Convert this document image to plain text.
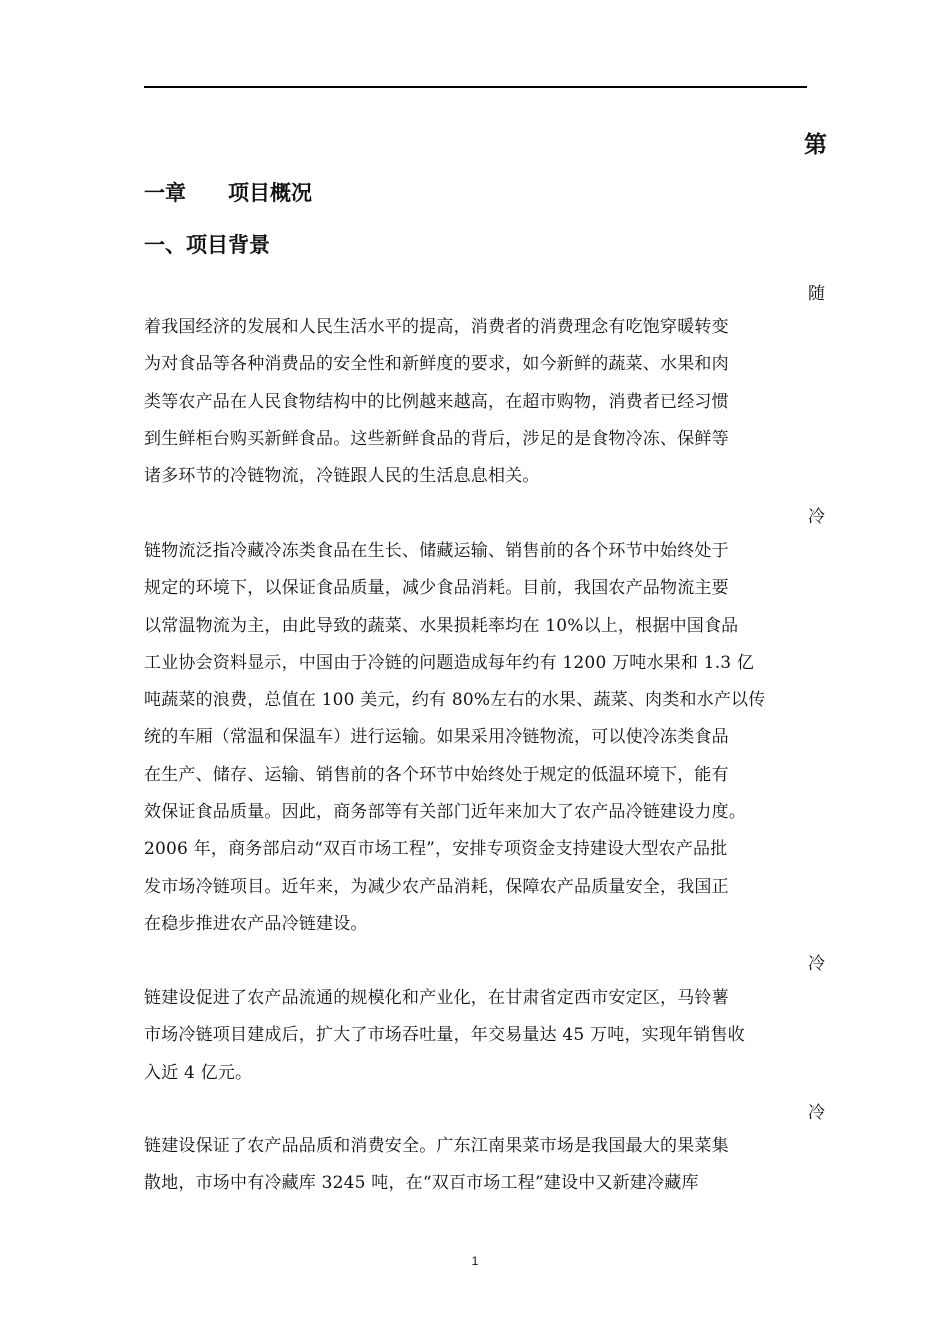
第
一章　　项目概况
一、项目背景
随
着我国经济的发展和人民生活水平的提高，消费者的消费理念有吃饱穿暖转变
为对食品等各种消费品的安全性和新鲜度的要求，如今新鲜的蔬菜、水果和肉
类等农产品在人民食物结构中的比例越来越高，在超市购物，消费者已经习惯
到生鲜柜台购买新鲜食品。这些新鲜食品的背后，涉足的是食物冷冻、保鲜等
诸多环节的冷链物流，冷链跟人民的生活息息相关。
冷
链物流泛指冷藏冷冻类食品在生长、储藏运输、销售前的各个环节中始终处于
规定的环境下，以保证食品质量，减少食品消耗。目前，我国农产品物流主要
以常温物流为主，由此导致的蔬菜、水果损耗率均在 10%以上，根据中国食品
工业协会资料显示，中国由于冷链的问题造成每年约有 1200 万吨水果和 1.3 亿
吨蔬菜的浪费，总值在 100 美元，约有 80%左右的水果、蔬菜、肉类和水产以传
统的车厢（常温和保温车）进行运输。如果采用冷链物流，可以使冷冻类食品
在生产、储存、运输、销售前的各个环节中始终处于规定的低温环境下，能有
效保证食品质量。因此，商务部等有关部门近年来加大了农产品冷链建设力度。
2006 年，商务部启动“双百市场工程”，安排专项资金支持建设大型农产品批
发市场冷链项目。近年来，为减少农产品消耗，保障农产品质量安全，我国正
在稳步推进农产品冷链建设。
冷
链建设促进了农产品流通的规模化和产业化，在甘肃省定西市安定区，马铃薯
市场冷链项目建成后，扩大了市场吞吐量，年交易量达 45 万吨，实现年销售收
入近 4 亿元。
冷
链建设保证了农产品品质和消费安全。广东江南果菜市场是我国最大的果菜集
散地，市场中有冷藏库 3245 吨，在“双百市场工程”建设中又新建冷藏库
1
